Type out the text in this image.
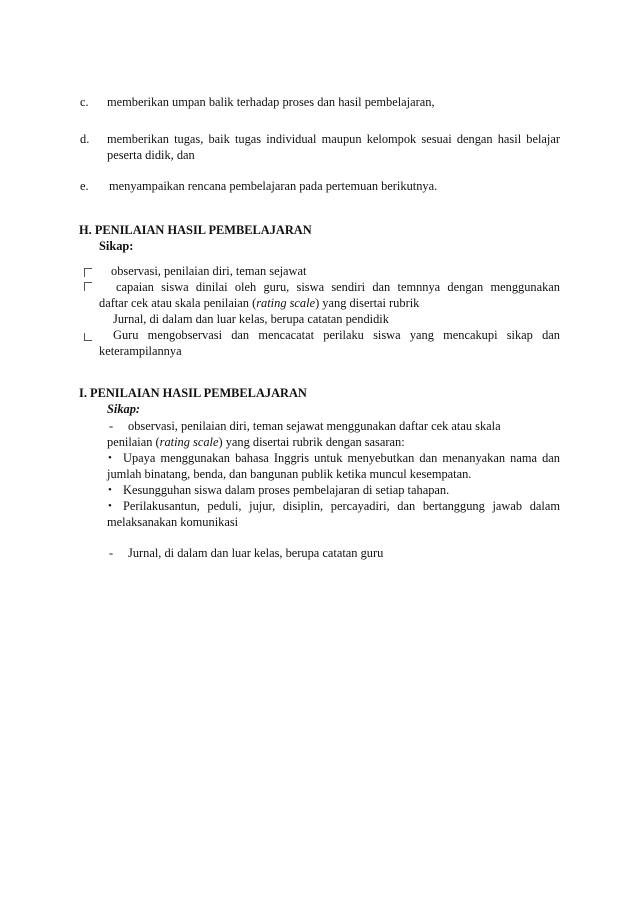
c. memberikan umpan balik terhadap proses dan hasil pembelajaran,
d. memberikan tugas, baik tugas individual maupun kelompok sesuai dengan hasil belajar
peserta didik, dan
e. menyampaikan rencana pembelajaran pada pertemuan berikutnya.
H. PENILAIAN HASIL PEMBELAJARAN
Sikap:
observasi, penilaian diri, teman sejawat
capaian siswa dinilai oleh guru, siswa sendiri dan temnnya dengan menggunakan
daftar cek atau skala penilaian (rating scale) yang disertai rubrik
Jurnal, di dalam dan luar kelas, berupa catatan pendidik
Guru mengobservasi dan mencacatat perilaku siswa yang mencakupi sikap dan
keterampilannya
I. PENILAIAN HASIL PEMBELAJARAN
Sikap:
- observasi, penilaian diri, teman sejawat menggunakan daftar cek atau skala
penilaian (rating scale) yang disertai rubrik dengan sasaran:
• Upaya menggunakan bahasa Inggris untuk menyebutkan dan menanyakan nama dan
jumlah binatang, benda, dan bangunan publik ketika muncul kesempatan.
• Kesungguhan siswa dalam proses pembelajaran di setiap tahapan.
• Perilakusantun, peduli, jujur, disiplin, percayadiri, dan bertanggung jawab dalam
melaksanakan komunikasi
- Jurnal, di dalam dan luar kelas, berupa catatan guru
